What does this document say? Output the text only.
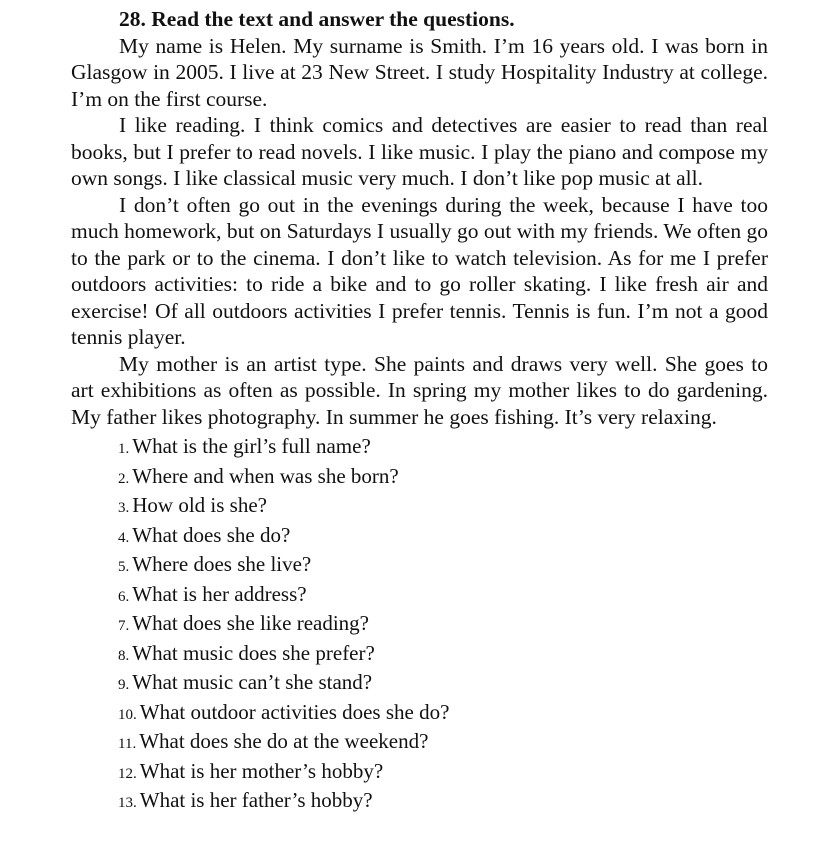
28. Read the text and answer the questions.

My name is Helen. My surname is Smith. I’m 16 years old. I was born in Glasgow in 2005. I live at 23 New Street. I study Hospitality Industry at college. I’m on the first course.

I like reading. I think comics and detectives are easier to read than real books, but I prefer to read novels. I like music. I play the piano and compose my own songs. I like classical music very much. I don’t like pop music at all.

I don’t often go out in the evenings during the week, because I have too much homework, but on Saturdays I usually go out with my friends. We often go to the park or to the cinema. I don’t like to watch television. As for me I prefer outdoors activities: to ride a bike and to go roller skating. I like fresh air and exercise! Of all outdoors activities I prefer tennis. Tennis is fun. I’m not a good tennis player.

My mother is an artist type. She paints and draws very well. She goes to art exhibitions as often as possible. In spring my mother likes to do gardening. My father likes photography. In summer he goes fishing. It’s very relaxing.

1. What is the girl’s full name?
2. Where and when was she born?
3. How old is she?
4. What does she do?
5. Where does she live?
6. What is her address?
7. What does she like reading?
8. What music does she prefer?
9. What music can’t she stand?
10. What outdoor activities does she do?
11. What does she do at the weekend?
12. What is her mother’s hobby?
13. What is her father’s hobby?
